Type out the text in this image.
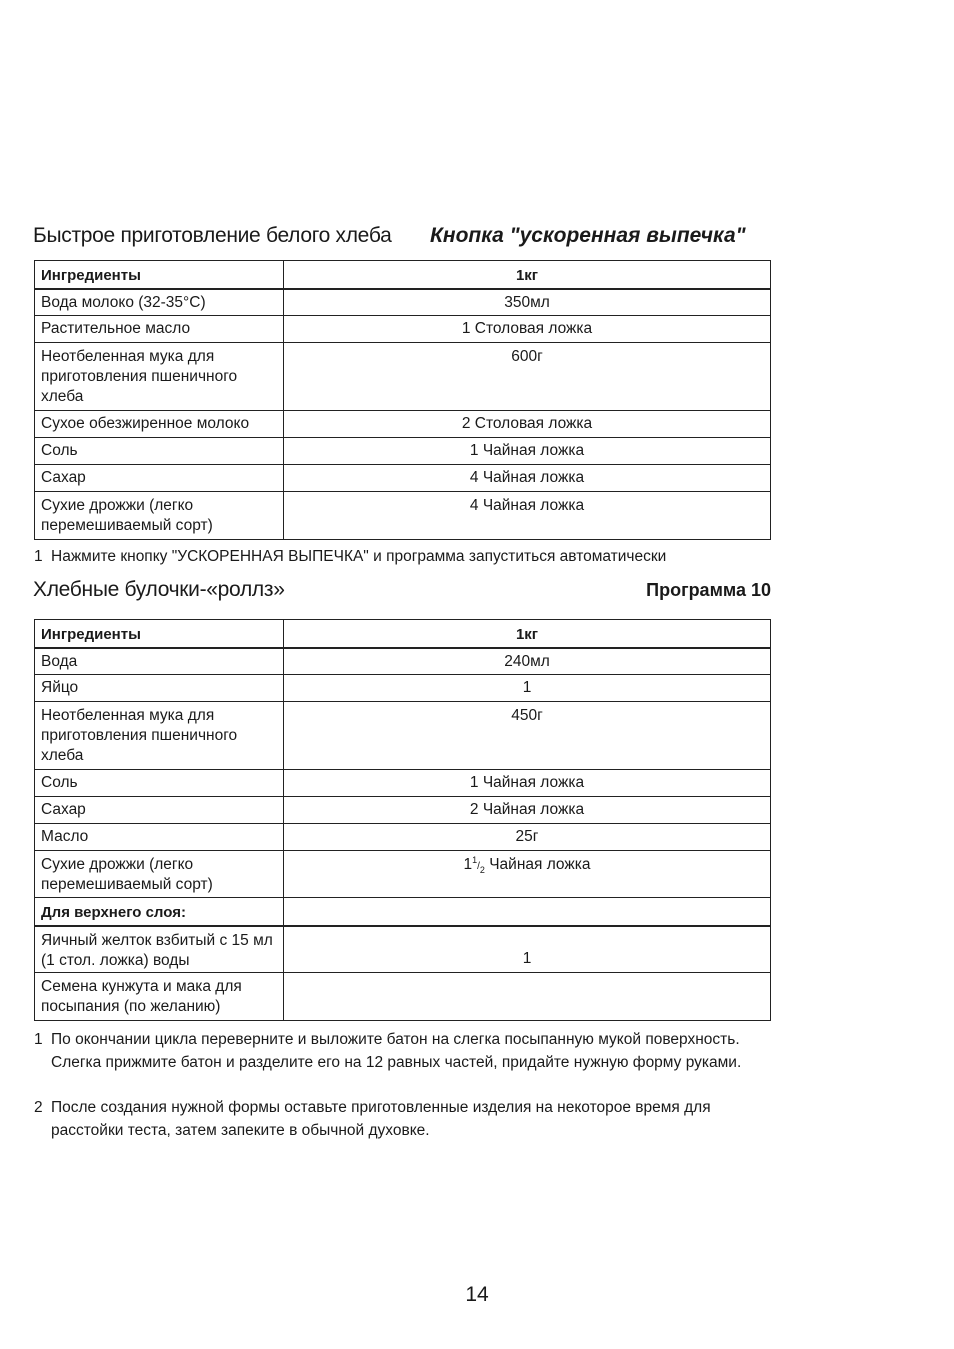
Быстрое приготовление белого хлеба Кнопка "ускоренная выпечка"
Ингредиенты	1кг
Вода молоко (32-35°C)	350мл
Растительное масло	1 Столовая ложка
Неотбеленная мука для приготовления пшеничного хлеба	600г
Сухое обезжиренное молоко	2 Столовая ложка
Соль	1 Чайная ложка
Сахар	4 Чайная ложка
Сухие дрожжи (легко перемешиваемый сорт)	4 Чайная ложка
1 Нажмите кнопку "УСКОРЕННАЯ ВЫПЕЧКА" и программа запуститься автоматически
Хлебные булочки-«роллз»	Программа 10
Ингредиенты	1кг
Вода	240мл
Яйцо	1
Неотбеленная мука для приготовления пшеничного хлеба	450г
Соль	1 Чайная ложка
Сахар	2 Чайная ложка
Масло	25г
Сухие дрожжи (легко перемешиваемый сорт)	$1^1/_2$ Чайная ложка
Для верхнего слоя:	
Яичный желток взбитый с 15 мл (1 стол. ложка) воды	1
Семена кунжута и мака для посыпания (по желанию)	
1 По окончании цикла переверните и выложите батон на слегка посыпанную мукой поверхность. Слегка прижмите батон и разделите его на 12 равных частей, придайте нужную форму руками.
2 После создания нужной формы оставьте приготовленные изделия на некоторое время для расстойки теста, затем запеките в обычной духовке.
14
